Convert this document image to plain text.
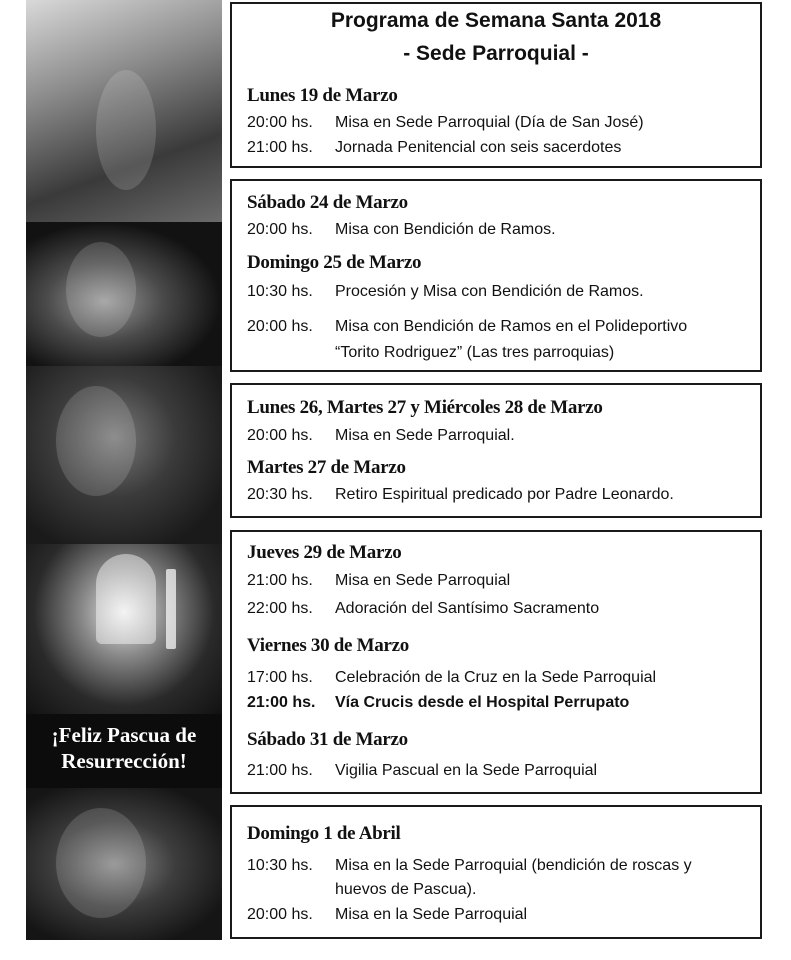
¡Feliz Pascua de
Resurrección!
Programa de Semana Santa 2018
- Sede Parroquial -
Lunes 19 de Marzo
20:00 hs. Misa en Sede Parroquial (Día de San José)
21:00 hs. Jornada Penitencial con seis sacerdotes
Sábado 24 de Marzo
20:00 hs. Misa con Bendición de Ramos.
Domingo 25 de Marzo
10:30 hs. Procesión y Misa con Bendición de Ramos.
20:00 hs. Misa con Bendición de Ramos en el Polideportivo
“Torito Rodriguez” (Las tres parroquias)
Lunes 26, Martes 27 y Miércoles 28 de Marzo
20:00 hs. Misa en Sede Parroquial.
Martes 27 de Marzo
20:30 hs. Retiro Espiritual predicado por Padre Leonardo.
Jueves 29 de Marzo
21:00 hs. Misa en Sede Parroquial
22:00 hs. Adoración del Santísimo Sacramento
Viernes 30 de Marzo
17:00 hs. Celebración de la Cruz en la Sede Parroquial
21:00 hs. Vía Crucis desde el Hospital Perrupato
Sábado 31 de Marzo
21:00 hs. Vigilia Pascual en la Sede Parroquial
Domingo 1 de Abril
10:30 hs. Misa en la Sede Parroquial (bendición de roscas y
huevos de Pascua).
20:00 hs. Misa en la Sede Parroquial
